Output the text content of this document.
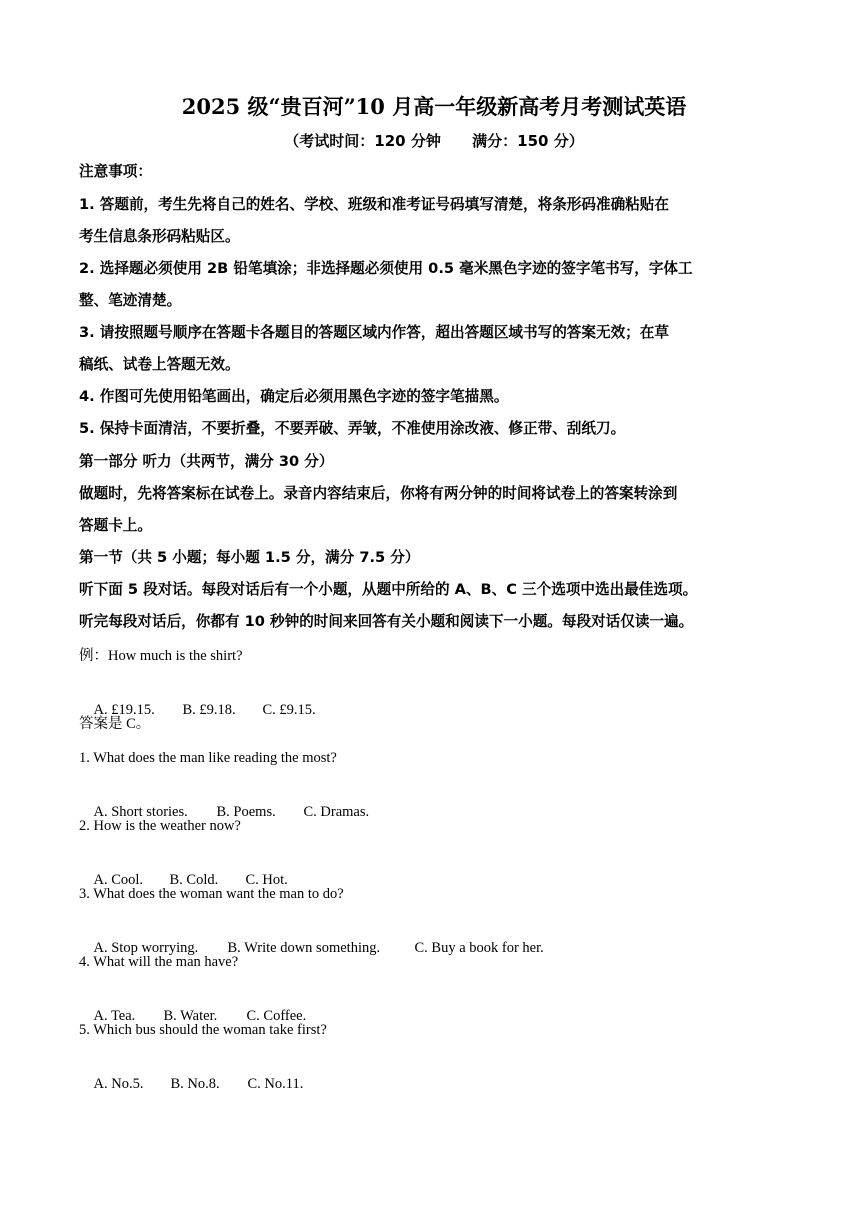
2025 级“贵百河”10 月高一年级新高考月考测试英语
（考试时间：120 分钟      满分：150 分）
注意事项：
1. 答题前，考生先将自己的姓名、学校、班级和准考证号码填写清楚，将条形码准确粘贴在
考生信息条形码粘贴区。
2. 选择题必须使用 2B 铅笔填涂；非选择题必须使用 0.5 毫米黑色字迹的签字笔书写，字体工
整、笔迹清楚。
3. 请按照题号顺序在答题卡各题目的答题区域内作答，超出答题区域书写的答案无效；在草
稿纸、试卷上答题无效。
4. 作图可先使用铅笔画出，确定后必须用黑色字迹的签字笔描黑。
5. 保持卡面清洁，不要折叠，不要弄破、弄皱，不准使用涂改液、修正带、刮纸刀。
第一部分 听力（共两节，满分 30 分）
做题时，先将答案标在试卷上。录音内容结束后，你将有两分钟的时间将试卷上的答案转涂到
答题卡上。
第一节（共 5 小题；每小题 1.5 分，满分 7.5 分）
听下面 5 段对话。每段对话后有一个小题，从题中所给的 A、B、C 三个选项中选出最佳选项。
听完每段对话后，你都有 10 秒钟的时间来回答有关小题和阅读下一小题。每段对话仅读一遍。
例：How much is the shirt?

A. £19.15. B. £9.18. C. £9.15.

答案是 C。
1. What does the man like reading the most?

A. Short stories. B. Poems. C. Dramas.

2. How is the weather now?

A. Cool. B. Cold. C. Hot.

3. What does the woman want the man to do?

A. Stop worrying. B. Write down something. C. Buy a book for her.

4. What will the man have?

A. Tea. B. Water. C. Coffee.

5. Which bus should the woman take first?

A. No.5. B. No.8. C. No.11.
